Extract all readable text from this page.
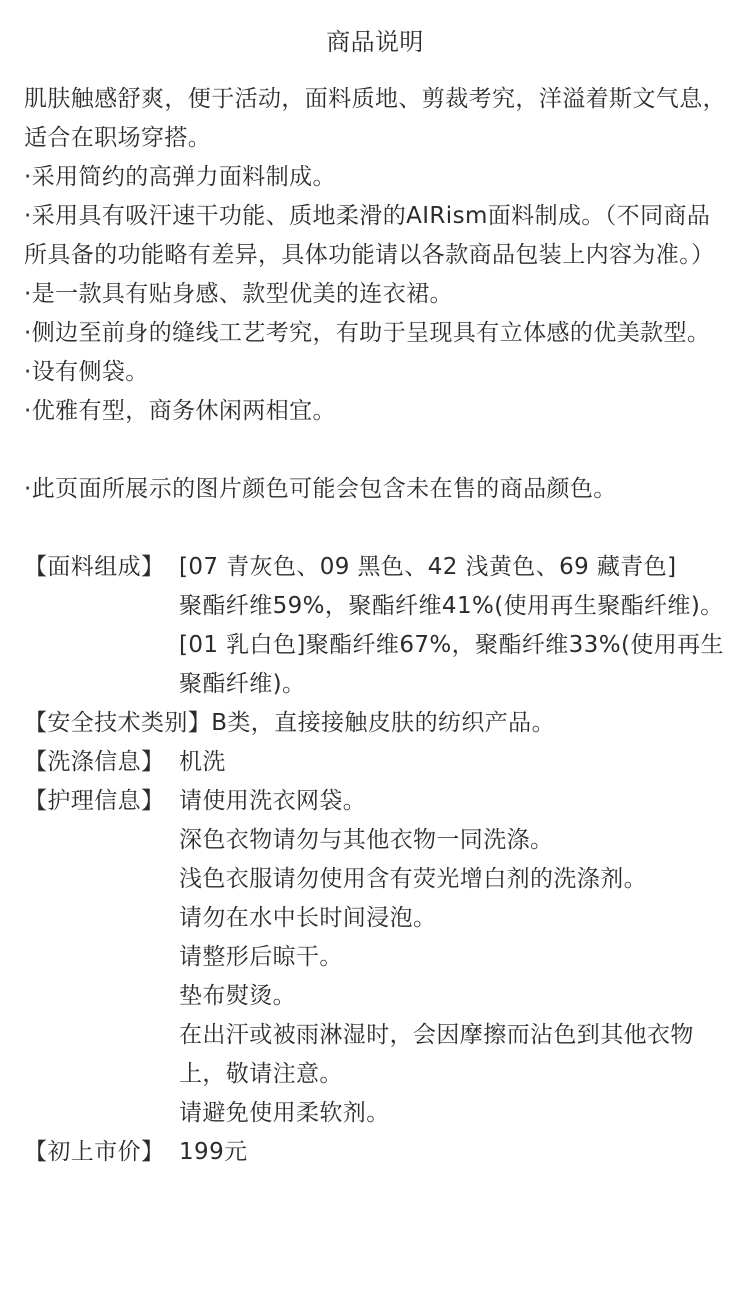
商品说明

肌肤触感舒爽，便于活动，面料质地、剪裁考究，洋溢着斯文气息，适合在职场穿搭。

·采用简约的高弹力面料制成。

·采用具有吸汗速干功能、质地柔滑的AIRism面料制成。（不同商品所具备的功能略有差异，具体功能请以各款商品包装上内容为准。）

·是一款具有贴身感、款型优美的连衣裙。

·侧边至前身的缝线工艺考究，有助于呈现具有立体感的优美款型。

·设有侧袋。

·优雅有型，商务休闲两相宜。

·此页面所展示的图片颜色可能会包含未在售的商品颜色。

【面料组成】 [07 青灰色、09 黑色、42 浅黄色、69 藏青色]
聚酯纤维59%，聚酯纤维41%(使用再生聚酯纤维)。
[01 乳白色]聚酯纤维67%，聚酯纤维33%(使用再生聚酯纤维)。
【安全技术类别】 B类，直接接触皮肤的纺织产品。
【洗涤信息】 机洗
【护理信息】 请使用洗衣网袋。
深色衣物请勿与其他衣物一同洗涤。
浅色衣服请勿使用含有荧光增白剂的洗涤剂。
请勿在水中长时间浸泡。
请整形后晾干。
垫布熨烫。
在出汗或被雨淋湿时，会因摩擦而沾色到其他衣物上，敬请注意。
请避免使用柔软剂。
【初上市价】 199元
